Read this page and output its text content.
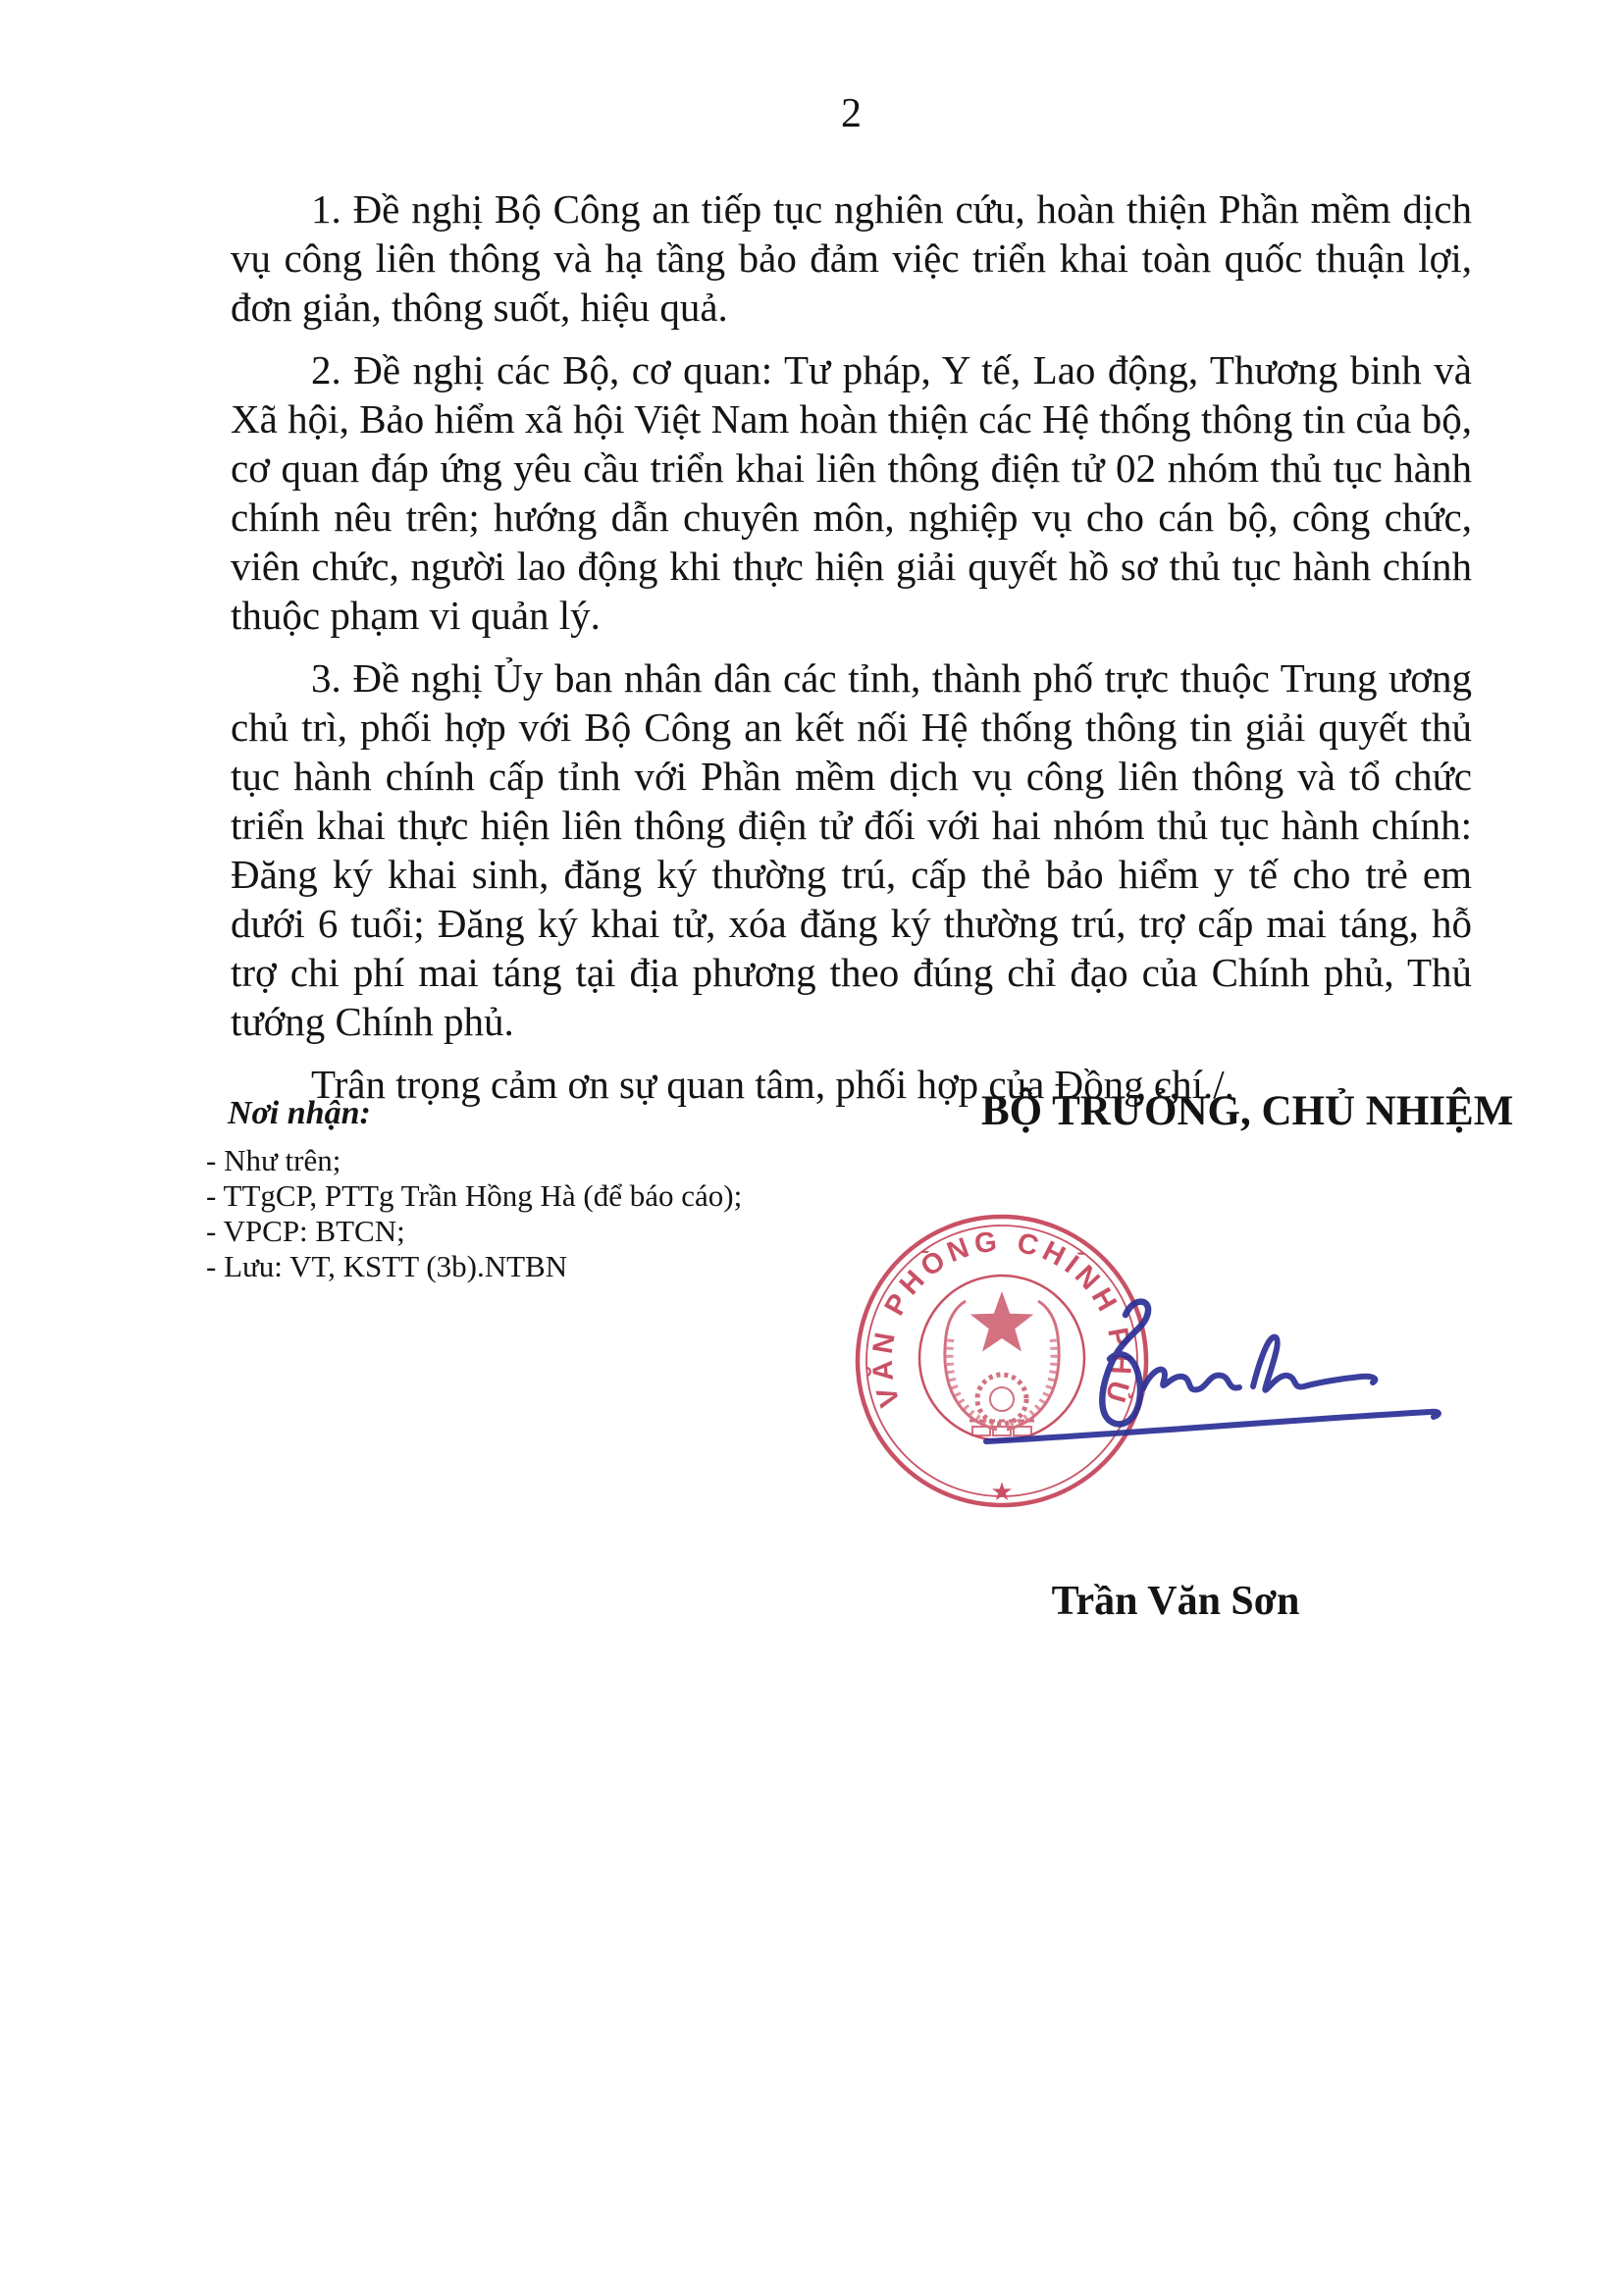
2

1. Đề nghị Bộ Công an tiếp tục nghiên cứu, hoàn thiện Phần mềm dịch vụ công liên thông và hạ tầng bảo đảm việc triển khai toàn quốc thuận lợi, đơn giản, thông suốt, hiệu quả.

2. Đề nghị các Bộ, cơ quan: Tư pháp, Y tế, Lao động, Thương binh và Xã hội, Bảo hiểm xã hội Việt Nam hoàn thiện các Hệ thống thông tin của bộ, cơ quan đáp ứng yêu cầu triển khai liên thông điện tử 02 nhóm thủ tục hành chính nêu trên; hướng dẫn chuyên môn, nghiệp vụ cho cán bộ, công chức, viên chức, người lao động khi thực hiện giải quyết hồ sơ thủ tục hành chính thuộc phạm vi quản lý.

3. Đề nghị Ủy ban nhân dân các tỉnh, thành phố trực thuộc Trung ương chủ trì, phối hợp với Bộ Công an kết nối Hệ thống thông tin giải quyết thủ tục hành chính cấp tỉnh với Phần mềm dịch vụ công liên thông và tổ chức triển khai thực hiện liên thông điện tử đối với hai nhóm thủ tục hành chính: Đăng ký khai sinh, đăng ký thường trú, cấp thẻ bảo hiểm y tế cho trẻ em dưới 6 tuổi; Đăng ký khai tử, xóa đăng ký thường trú, trợ cấp mai táng, hỗ trợ chi phí mai táng tại địa phương theo đúng chỉ đạo của Chính phủ, Thủ tướng Chính phủ.

Trân trọng cảm ơn sự quan tâm, phối hợp của Đồng chí./.

Nơi nhận:
- Như trên;
- TTgCP, PTTg Trần Hồng Hà (để báo cáo);
- VPCP: BTCN;
- Lưu: VT, KSTT (3b).NTBN
BỘ TRƯỞNG, CHỦ NHIỆM
VĂN PHÒNG CHÍNH PHỦ
★
Trần Văn Sơn
